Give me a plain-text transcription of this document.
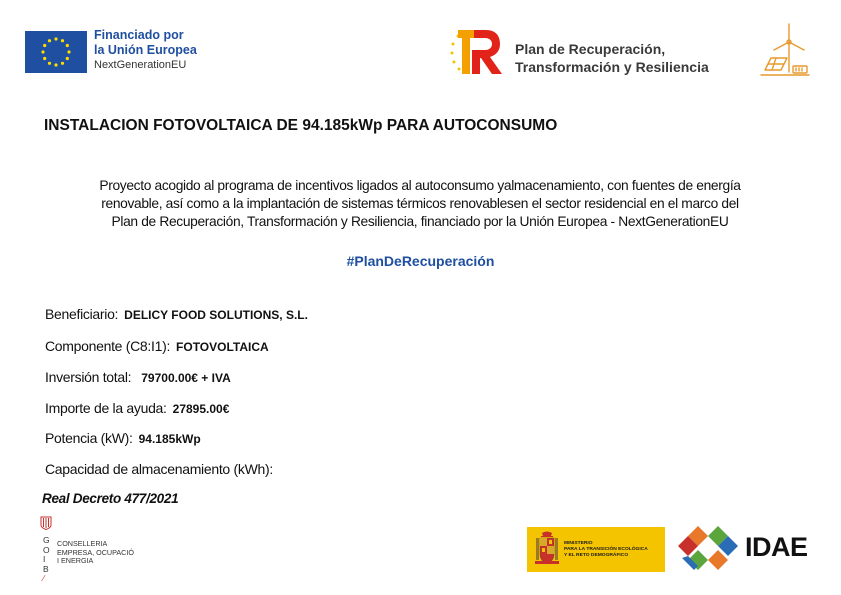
Financiado por
la Unión Europea
NextGenerationEU
Plan de Recuperación,
Transformación y Resiliencia
INSTALACION FOTOVOLTAICA DE 94.185kWp PARA AUTOCONSUMO
Proyecto acogido al programa de incentivos ligados al autoconsumo yalmacenamiento, con fuentes de energía
renovable, así como a la implantación de sistemas térmicos renovablesen el sector residencial en el marco del
Plan de Recuperación, Transformación y Resiliencia, financiado por la Unión Europea - NextGenerationEU
#PlanDeRecuperación
Beneficiario: DELICY FOOD SOLUTIONS, S.L.
Componente (C8:I1): FOTOVOLTAICA
Inversión total: 79700.00€ + IVA
Importe de la ayuda: 27895.00€
Potencia (kW): 94.185kWp
Capacidad de almacenamiento (kWh):
Real Decreto 477/2021
G
O
I
B
⁄
CONSELLERIA
EMPRESA, OCUPACIÓ
I ENERGIA
MINISTERIO
PARA LA TRANSICIÓN ECOLÓGICA
Y EL RETO DEMOGRÁFICO	IDAE
